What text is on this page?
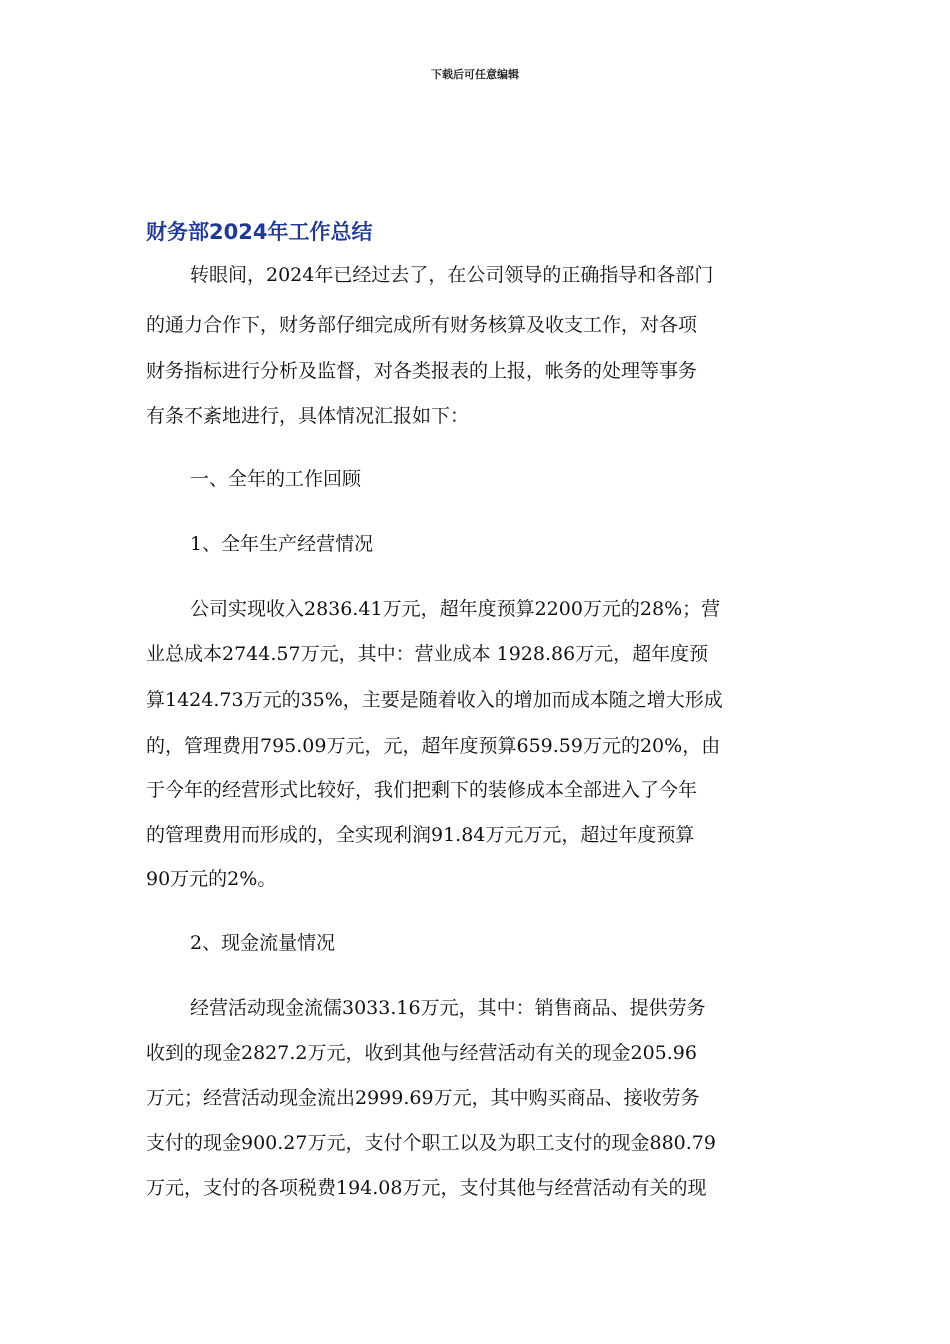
下载后可任意编辑
财务部2024年工作总结
转眼间，2024年已经过去了，在公司领导的正确指导和各部门
的通力合作下，财务部仔细完成所有财务核算及收支工作，对各项
财务指标进行分析及监督，对各类报表的上报，帐务的处理等事务
有条不紊地进行，具体情况汇报如下：
一、全年的工作回顾
1、全年生产经营情况
公司实现收入2836.41万元，超年度预算2200万元的28%；营
业总成本2744.57万元，其中：营业成本 1928.86万元，超年度预
算1424.73万元的35%，主要是随着收入的增加而成本随之增大形成
的，管理费用795.09万元，元，超年度预算659.59万元的20%，由
于今年的经营形式比较好，我们把剩下的装修成本全部进入了今年
的管理费用而形成的，全实现利润91.84万元万元，超过年度预算
90万元的2%。
2、现金流量情况
经营活动现金流儒3033.16万元，其中：销售商品、提供劳务
收到的现金2827.2万元，收到其他与经营活动有关的现金205.96
万元；经营活动现金流出2999.69万元，其中购买商品、接收劳务
支付的现金900.27万元，支付个职工以及为职工支付的现金880.79
万元，支付的各项税费194.08万元，支付其他与经营活动有关的现
